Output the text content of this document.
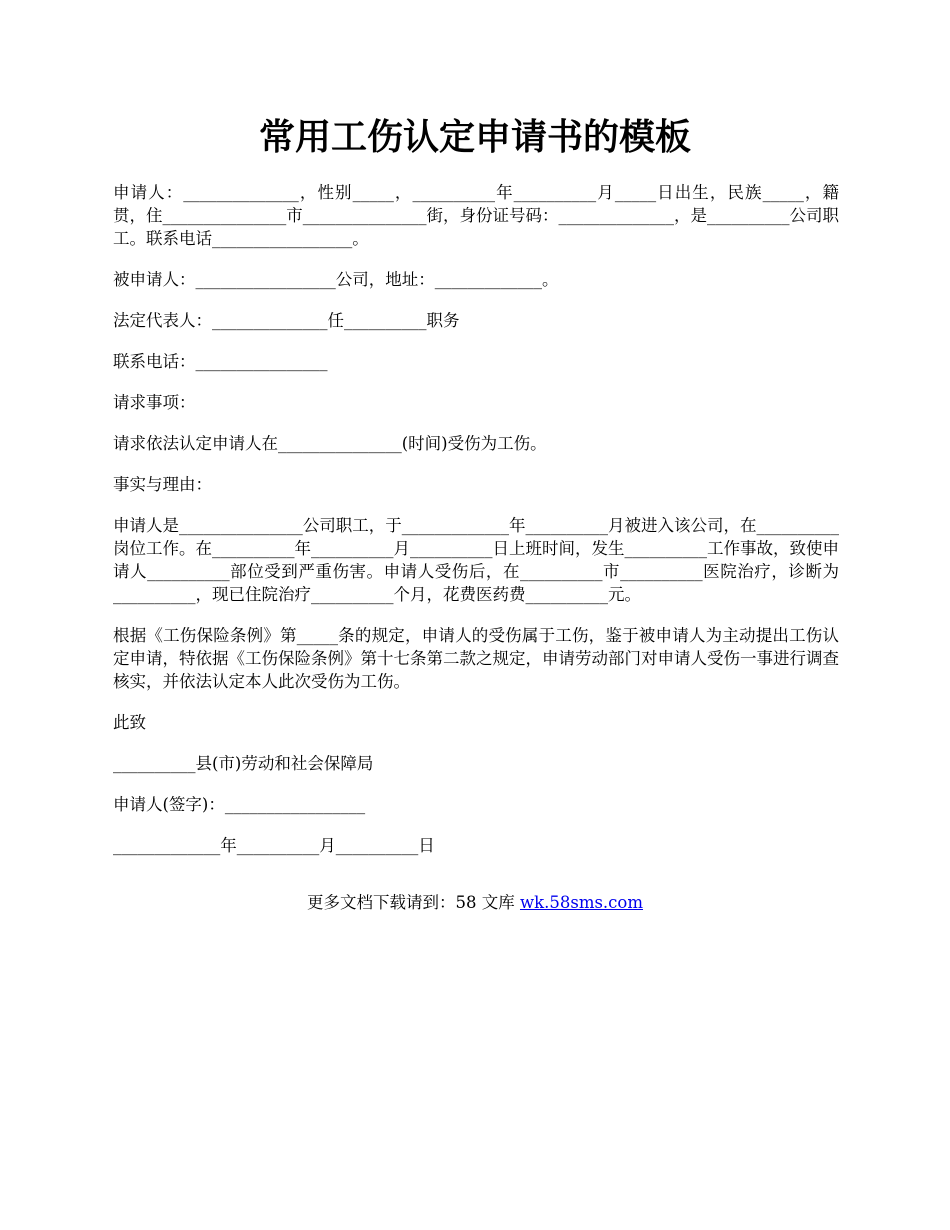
常用工伤认定申请书的模板

申请人：______________，性别_____，__________年__________月_____日出生，民族_____，籍贯，住_______________市_______________街，身份证号码：______________，是__________公司职工。联系电话_________________。

被申请人：_________________公司，地址：_____________。

法定代表人：______________任__________职务

联系电话：________________

请求事项：

请求依法认定申请人在_______________(时间)受伤为工伤。

事实与理由：

申请人是_______________公司职工，于_____________年__________月被进入该公司，在__________岗位工作。在__________年__________月__________日上班时间，发生__________工作事故，致使申请人__________部位受到严重伤害。申请人受伤后，在__________市__________医院治疗，诊断为__________，现已住院治疗__________个月，花费医药费__________元。

根据《工伤保险条例》第_____条的规定，申请人的受伤属于工伤，鉴于被申请人为主动提出工伤认定申请，特依据《工伤保险条例》第十七条第二款之规定，申请劳动部门对申请人受伤一事进行调查核实，并依法认定本人此次受伤为工伤。

此致

__________县(市)劳动和社会保障局

申请人(签字)：_________________

_____________年__________月__________日

更多文档下载请到：58 文库 wk.58sms.com
